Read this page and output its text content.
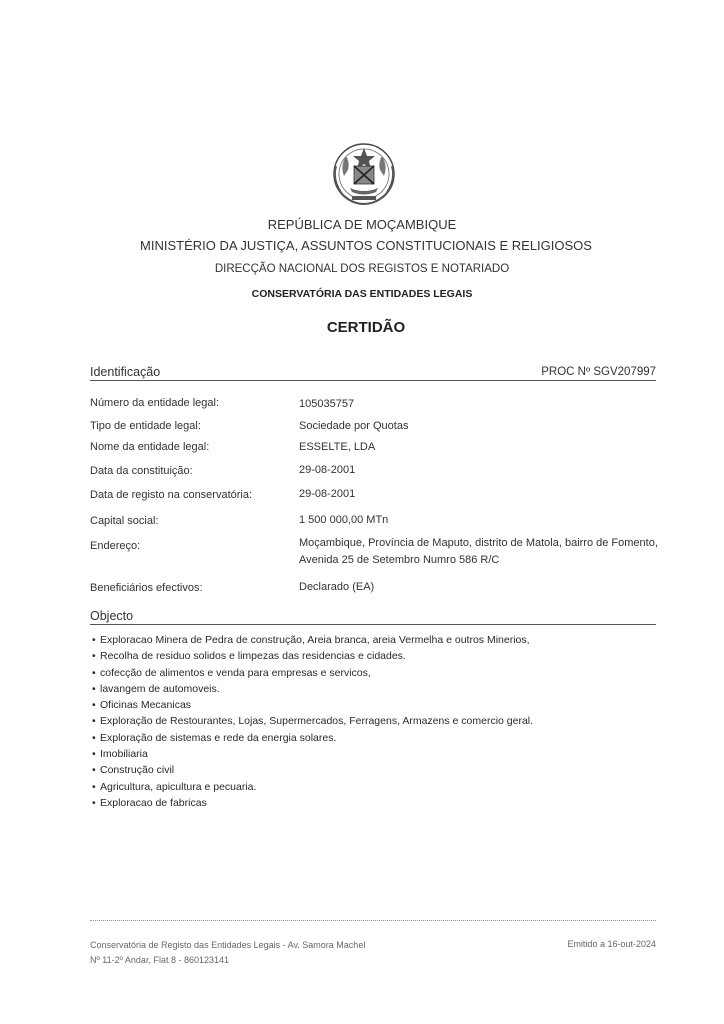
REPÚBLICA DE MOÇAMBIQUE
MINISTÉRIO DA JUSTIÇA, ASSUNTOS CONSTITUCIONAIS E RELIGIOSOS
DIRECÇÃO NACIONAL DOS REGISTOS E NOTARIADO
CONSERVATÓRIA DAS ENTIDADES LEGAIS
CERTIDÃO
Identificação	PROC Nº SGV207997
Número da entidade legal:	105035757
Tipo de entidade legal:	Sociedade por Quotas
Nome da entidade legal:	ESSELTE, LDA
Data da constituição:	29-08-2001
Data de registo na conservatória:	29-08-2001
Capital social:	1 500 000,00 MTn
Endereço:	Moçambique, Província de Maputo, distrito de Matola, bairro de Fomento, Avenida 25 de Setembro Numro 586 R/C
Beneficiários efectivos:	Declarado (EA)
Objecto
• Exploracao Minera de Pedra de construção, Areia branca, areia Vermelha e outros Minerios,
• Recolha de residuo solidos e limpezas das residencias e cidades.
• cofecção de alimentos e venda para empresas e servicos,
• lavangem de automoveis.
• Oficinas Mecanicas
• Exploração de Restourantes, Lojas, Supermercados, Ferragens, Armazens e comercio geral.
• Exploração de sistemas e rede da energia solares.
• Imobiliaria
• Construção civil
• Agricultura, apicultura e pecuaria.
• Exploracao de fabricas
Conservatória de Registo das Entidades Legais - Av. Samora Machel
Nº 11-2º Andar, Flat 8 - 860123141
Emitido a 16-out-2024
